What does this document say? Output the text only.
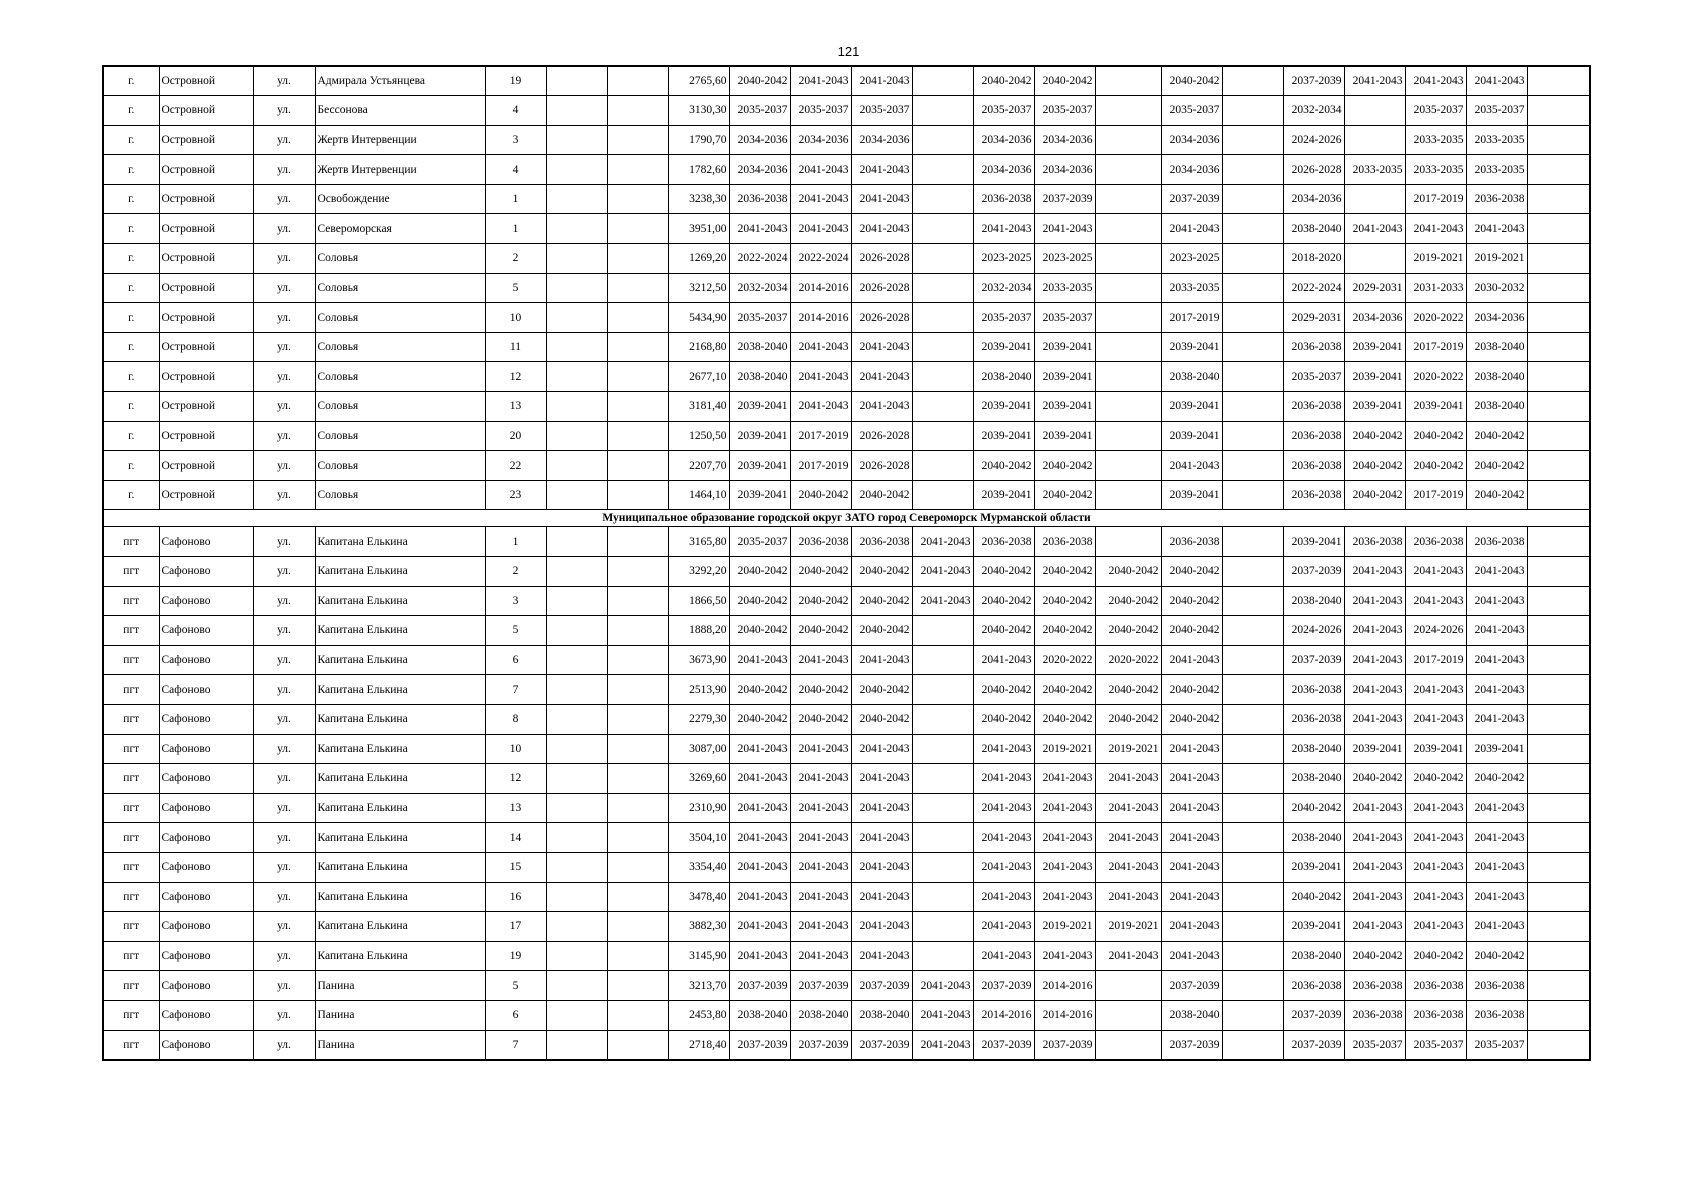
121
г.	Островной	ул.	Адмирала Устьянцева	19			2765,60	2040-2042	2041-2043	2041-2043		2040-2042	2040-2042		2040-2042		2037-2039	2041-2043	2041-2043	2041-2043	
г.	Островной	ул.	Бессонова	4			3130,30	2035-2037	2035-2037	2035-2037		2035-2037	2035-2037		2035-2037		2032-2034		2035-2037	2035-2037	
г.	Островной	ул.	Жертв Интервенции	3			1790,70	2034-2036	2034-2036	2034-2036		2034-2036	2034-2036		2034-2036		2024-2026		2033-2035	2033-2035	
г.	Островной	ул.	Жертв Интервенции	4			1782,60	2034-2036	2041-2043	2041-2043		2034-2036	2034-2036		2034-2036		2026-2028	2033-2035	2033-2035	2033-2035	
г.	Островной	ул.	Освобождение	1			3238,30	2036-2038	2041-2043	2041-2043		2036-2038	2037-2039		2037-2039		2034-2036		2017-2019	2036-2038	
г.	Островной	ул.	Североморская	1			3951,00	2041-2043	2041-2043	2041-2043		2041-2043	2041-2043		2041-2043		2038-2040	2041-2043	2041-2043	2041-2043	
г.	Островной	ул.	Соловья	2			1269,20	2022-2024	2022-2024	2026-2028		2023-2025	2023-2025		2023-2025		2018-2020		2019-2021	2019-2021	
г.	Островной	ул.	Соловья	5			3212,50	2032-2034	2014-2016	2026-2028		2032-2034	2033-2035		2033-2035		2022-2024	2029-2031	2031-2033	2030-2032	
г.	Островной	ул.	Соловья	10			5434,90	2035-2037	2014-2016	2026-2028		2035-2037	2035-2037		2017-2019		2029-2031	2034-2036	2020-2022	2034-2036	
г.	Островной	ул.	Соловья	11			2168,80	2038-2040	2041-2043	2041-2043		2039-2041	2039-2041		2039-2041		2036-2038	2039-2041	2017-2019	2038-2040	
г.	Островной	ул.	Соловья	12			2677,10	2038-2040	2041-2043	2041-2043		2038-2040	2039-2041		2038-2040		2035-2037	2039-2041	2020-2022	2038-2040	
г.	Островной	ул.	Соловья	13			3181,40	2039-2041	2041-2043	2041-2043		2039-2041	2039-2041		2039-2041		2036-2038	2039-2041	2039-2041	2038-2040	
г.	Островной	ул.	Соловья	20			1250,50	2039-2041	2017-2019	2026-2028		2039-2041	2039-2041		2039-2041		2036-2038	2040-2042	2040-2042	2040-2042	
г.	Островной	ул.	Соловья	22			2207,70	2039-2041	2017-2019	2026-2028		2040-2042	2040-2042		2041-2043		2036-2038	2040-2042	2040-2042	2040-2042	
г.	Островной	ул.	Соловья	23			1464,10	2039-2041	2040-2042	2040-2042		2039-2041	2040-2042		2039-2041		2036-2038	2040-2042	2017-2019	2040-2042	
Муниципальное образование городской округ ЗАТО город Североморск Мурманской области																					
пгт	Сафоново	ул.	Капитана Елькина	1			3165,80	2035-2037	2036-2038	2036-2038	2041-2043	2036-2038	2036-2038		2036-2038		2039-2041	2036-2038	2036-2038	2036-2038	
пгт	Сафоново	ул.	Капитана Елькина	2			3292,20	2040-2042	2040-2042	2040-2042	2041-2043	2040-2042	2040-2042	2040-2042	2040-2042		2037-2039	2041-2043	2041-2043	2041-2043	
пгт	Сафоново	ул.	Капитана Елькина	3			1866,50	2040-2042	2040-2042	2040-2042	2041-2043	2040-2042	2040-2042	2040-2042	2040-2042		2038-2040	2041-2043	2041-2043	2041-2043	
пгт	Сафоново	ул.	Капитана Елькина	5			1888,20	2040-2042	2040-2042	2040-2042		2040-2042	2040-2042	2040-2042	2040-2042		2024-2026	2041-2043	2024-2026	2041-2043	
пгт	Сафоново	ул.	Капитана Елькина	6			3673,90	2041-2043	2041-2043	2041-2043		2041-2043	2020-2022	2020-2022	2041-2043		2037-2039	2041-2043	2017-2019	2041-2043	
пгт	Сафоново	ул.	Капитана Елькина	7			2513,90	2040-2042	2040-2042	2040-2042		2040-2042	2040-2042	2040-2042	2040-2042		2036-2038	2041-2043	2041-2043	2041-2043	
пгт	Сафоново	ул.	Капитана Елькина	8			2279,30	2040-2042	2040-2042	2040-2042		2040-2042	2040-2042	2040-2042	2040-2042		2036-2038	2041-2043	2041-2043	2041-2043	
пгт	Сафоново	ул.	Капитана Елькина	10			3087,00	2041-2043	2041-2043	2041-2043		2041-2043	2019-2021	2019-2021	2041-2043		2038-2040	2039-2041	2039-2041	2039-2041	
пгт	Сафоново	ул.	Капитана Елькина	12			3269,60	2041-2043	2041-2043	2041-2043		2041-2043	2041-2043	2041-2043	2041-2043		2038-2040	2040-2042	2040-2042	2040-2042	
пгт	Сафоново	ул.	Капитана Елькина	13			2310,90	2041-2043	2041-2043	2041-2043		2041-2043	2041-2043	2041-2043	2041-2043		2040-2042	2041-2043	2041-2043	2041-2043	
пгт	Сафоново	ул.	Капитана Елькина	14			3504,10	2041-2043	2041-2043	2041-2043		2041-2043	2041-2043	2041-2043	2041-2043		2038-2040	2041-2043	2041-2043	2041-2043	
пгт	Сафоново	ул.	Капитана Елькина	15			3354,40	2041-2043	2041-2043	2041-2043		2041-2043	2041-2043	2041-2043	2041-2043		2039-2041	2041-2043	2041-2043	2041-2043	
пгт	Сафоново	ул.	Капитана Елькина	16			3478,40	2041-2043	2041-2043	2041-2043		2041-2043	2041-2043	2041-2043	2041-2043		2040-2042	2041-2043	2041-2043	2041-2043	
пгт	Сафоново	ул.	Капитана Елькина	17			3882,30	2041-2043	2041-2043	2041-2043		2041-2043	2019-2021	2019-2021	2041-2043		2039-2041	2041-2043	2041-2043	2041-2043	
пгт	Сафоново	ул.	Капитана Елькина	19			3145,90	2041-2043	2041-2043	2041-2043		2041-2043	2041-2043	2041-2043	2041-2043		2038-2040	2040-2042	2040-2042	2040-2042	
пгт	Сафоново	ул.	Панина	5			3213,70	2037-2039	2037-2039	2037-2039	2041-2043	2037-2039	2014-2016		2037-2039		2036-2038	2036-2038	2036-2038	2036-2038	
пгт	Сафоново	ул.	Панина	6			2453,80	2038-2040	2038-2040	2038-2040	2041-2043	2014-2016	2014-2016		2038-2040		2037-2039	2036-2038	2036-2038	2036-2038	
пгт	Сафоново	ул.	Панина	7			2718,40	2037-2039	2037-2039	2037-2039	2041-2043	2037-2039	2037-2039		2037-2039		2037-2039	2035-2037	2035-2037	2035-2037	
